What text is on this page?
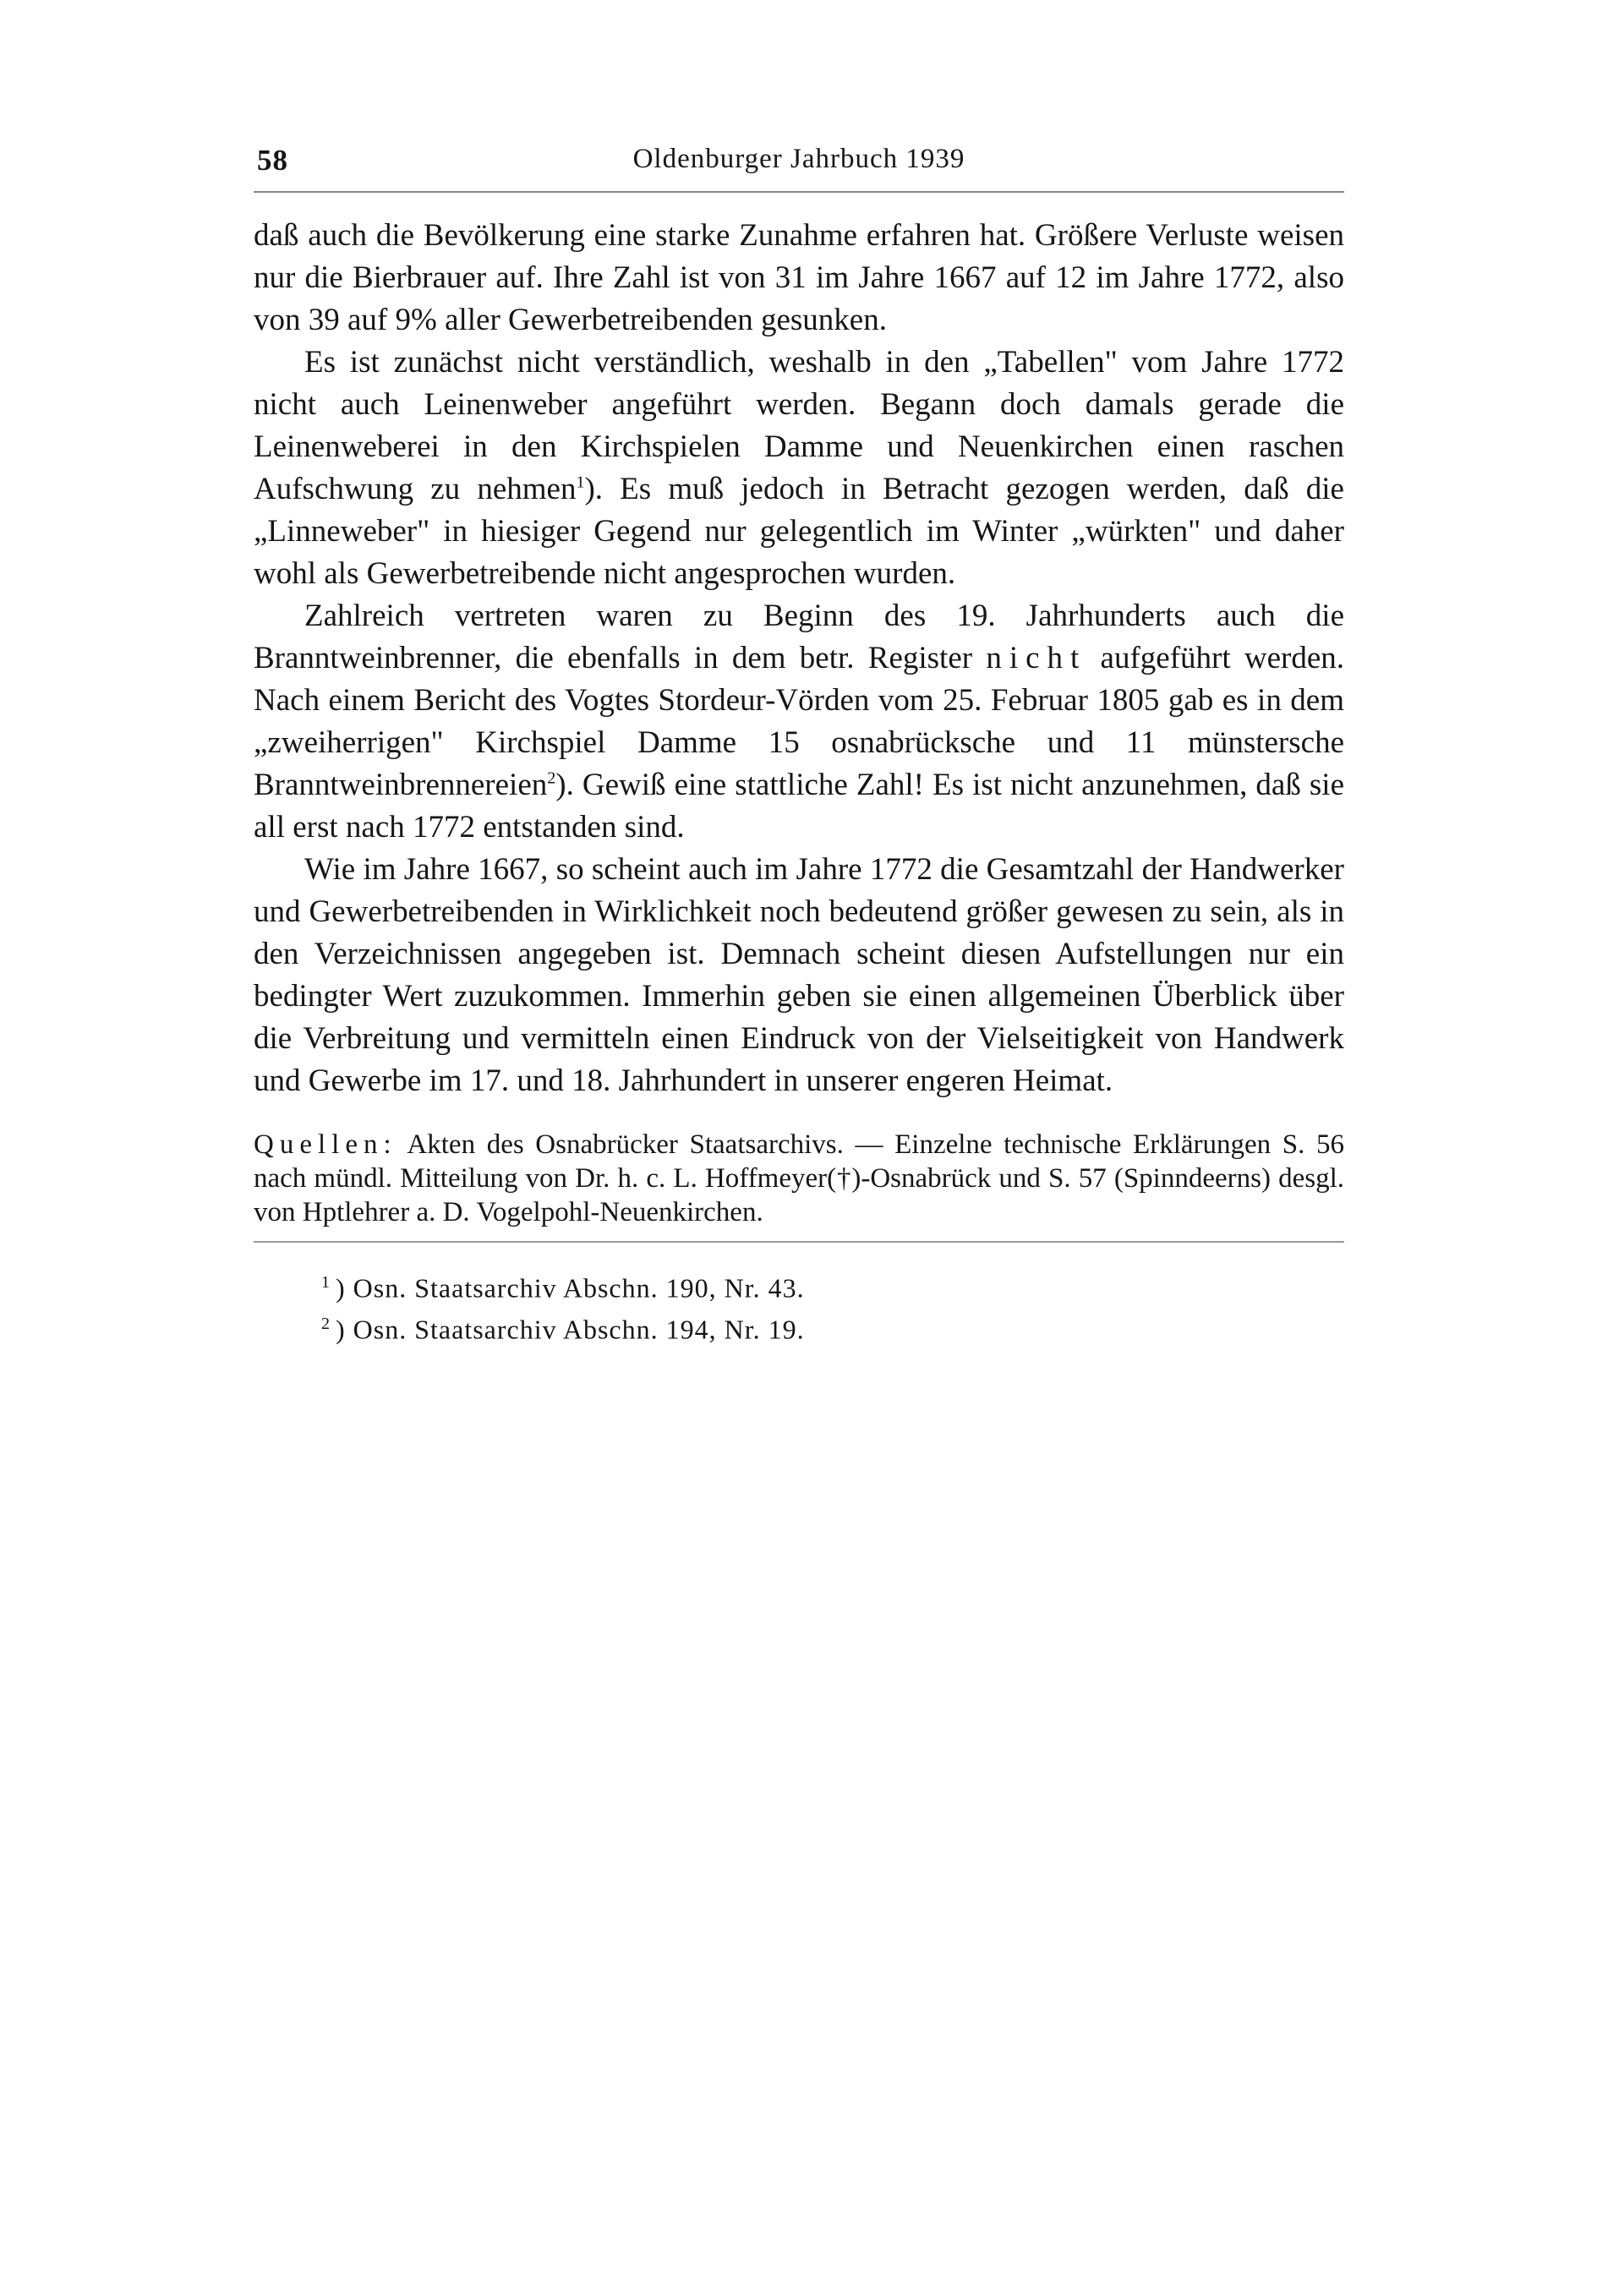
58	Oldenburger Jahrbuch 1939

daß auch die Bevölkerung eine starke Zunahme erfahren hat. Größere Verluste weisen nur die Bierbrauer auf. Ihre Zahl ist von 31 im Jahre 1667 auf 12 im Jahre 1772, also von 39 auf 9% aller Gewerbetreibenden gesunken.

Es ist zunächst nicht verständlich, weshalb in den „Tabellen" vom Jahre 1772 nicht auch Leinenweber angeführt werden. Begann doch damals gerade die Leinenweberei in den Kirchspielen Damme und Neuenkirchen einen raschen Aufschwung zu nehmen$^1$). Es muß jedoch in Betracht gezogen werden, daß die „Linneweber" in hiesiger Gegend nur gelegentlich im Winter „würkten" und daher wohl als Gewerbetreibende nicht angesprochen wurden.

Zahlreich vertreten waren zu Beginn des 19. Jahrhunderts auch die Branntweinbrenner, die ebenfalls in dem betr. Register nicht aufgeführt werden. Nach einem Bericht des Vogtes Stordeur-Vörden vom 25. Februar 1805 gab es in dem „zweiherrigen" Kirchspiel Damme 15 osnabrücksche und 11 münstersche Branntweinbrennereien$^2$). Gewiß eine stattliche Zahl! Es ist nicht anzunehmen, daß sie all erst nach 1772 entstanden sind.

Wie im Jahre 1667, so scheint auch im Jahre 1772 die Gesamtzahl der Handwerker und Gewerbetreibenden in Wirklichkeit noch bedeutend größer gewesen zu sein, als in den Verzeichnissen angegeben ist. Demnach scheint diesen Aufstellungen nur ein bedingter Wert zuzukommen. Immerhin geben sie einen allgemeinen Überblick über die Verbreitung und vermitteln einen Eindruck von der Vielseitigkeit von Handwerk und Gewerbe im 17. und 18. Jahrhundert in unserer engeren Heimat.

Quellen: Akten des Osnabrücker Staatsarchivs. — Einzelne technische Erklärungen S. 56 nach mündl. Mitteilung von Dr. h. c. L. Hoffmeyer(†)-Osnabrück und S. 57 (Spinndeerns) desgl. von Hptlehrer a. D. Vogelpohl-Neuenkirchen.
$^1$ ) Osn. Staatsarchiv Abschn. 190, Nr. 43.
$^2$ ) Osn. Staatsarchiv Abschn. 194, Nr. 19.
